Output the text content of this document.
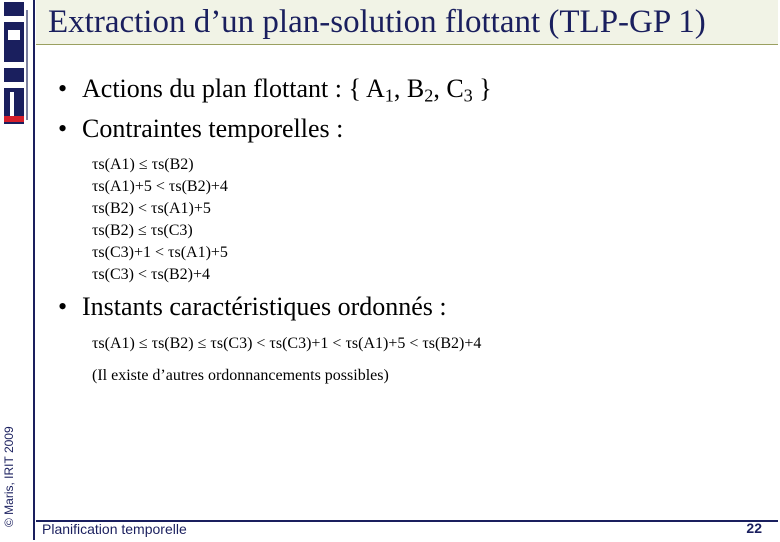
Extraction d’un plan-solution flottant (TLP-GP 1)
• Actions du plan flottant : { $A_1$, $B_2$, $C_3$ }
• Contraintes temporelles :
τs(A1) ≤ τs(B2)
τs(A1)+5 < τs(B2)+4
τs(B2) < τs(A1)+5
τs(B2) ≤ τs(C3)
τs(C3)+1 < τs(A1)+5
τs(C3) < τs(B2)+4
• Instants caractéristiques ordonnés :
τs(A1) ≤ τs(B2) ≤ τs(C3) < τs(C3)+1 < τs(A1)+5 < τs(B2)+4
(Il existe d’autres ordonnancements possibles)
© Maris, IRIT 2009
Planification temporelle	22
